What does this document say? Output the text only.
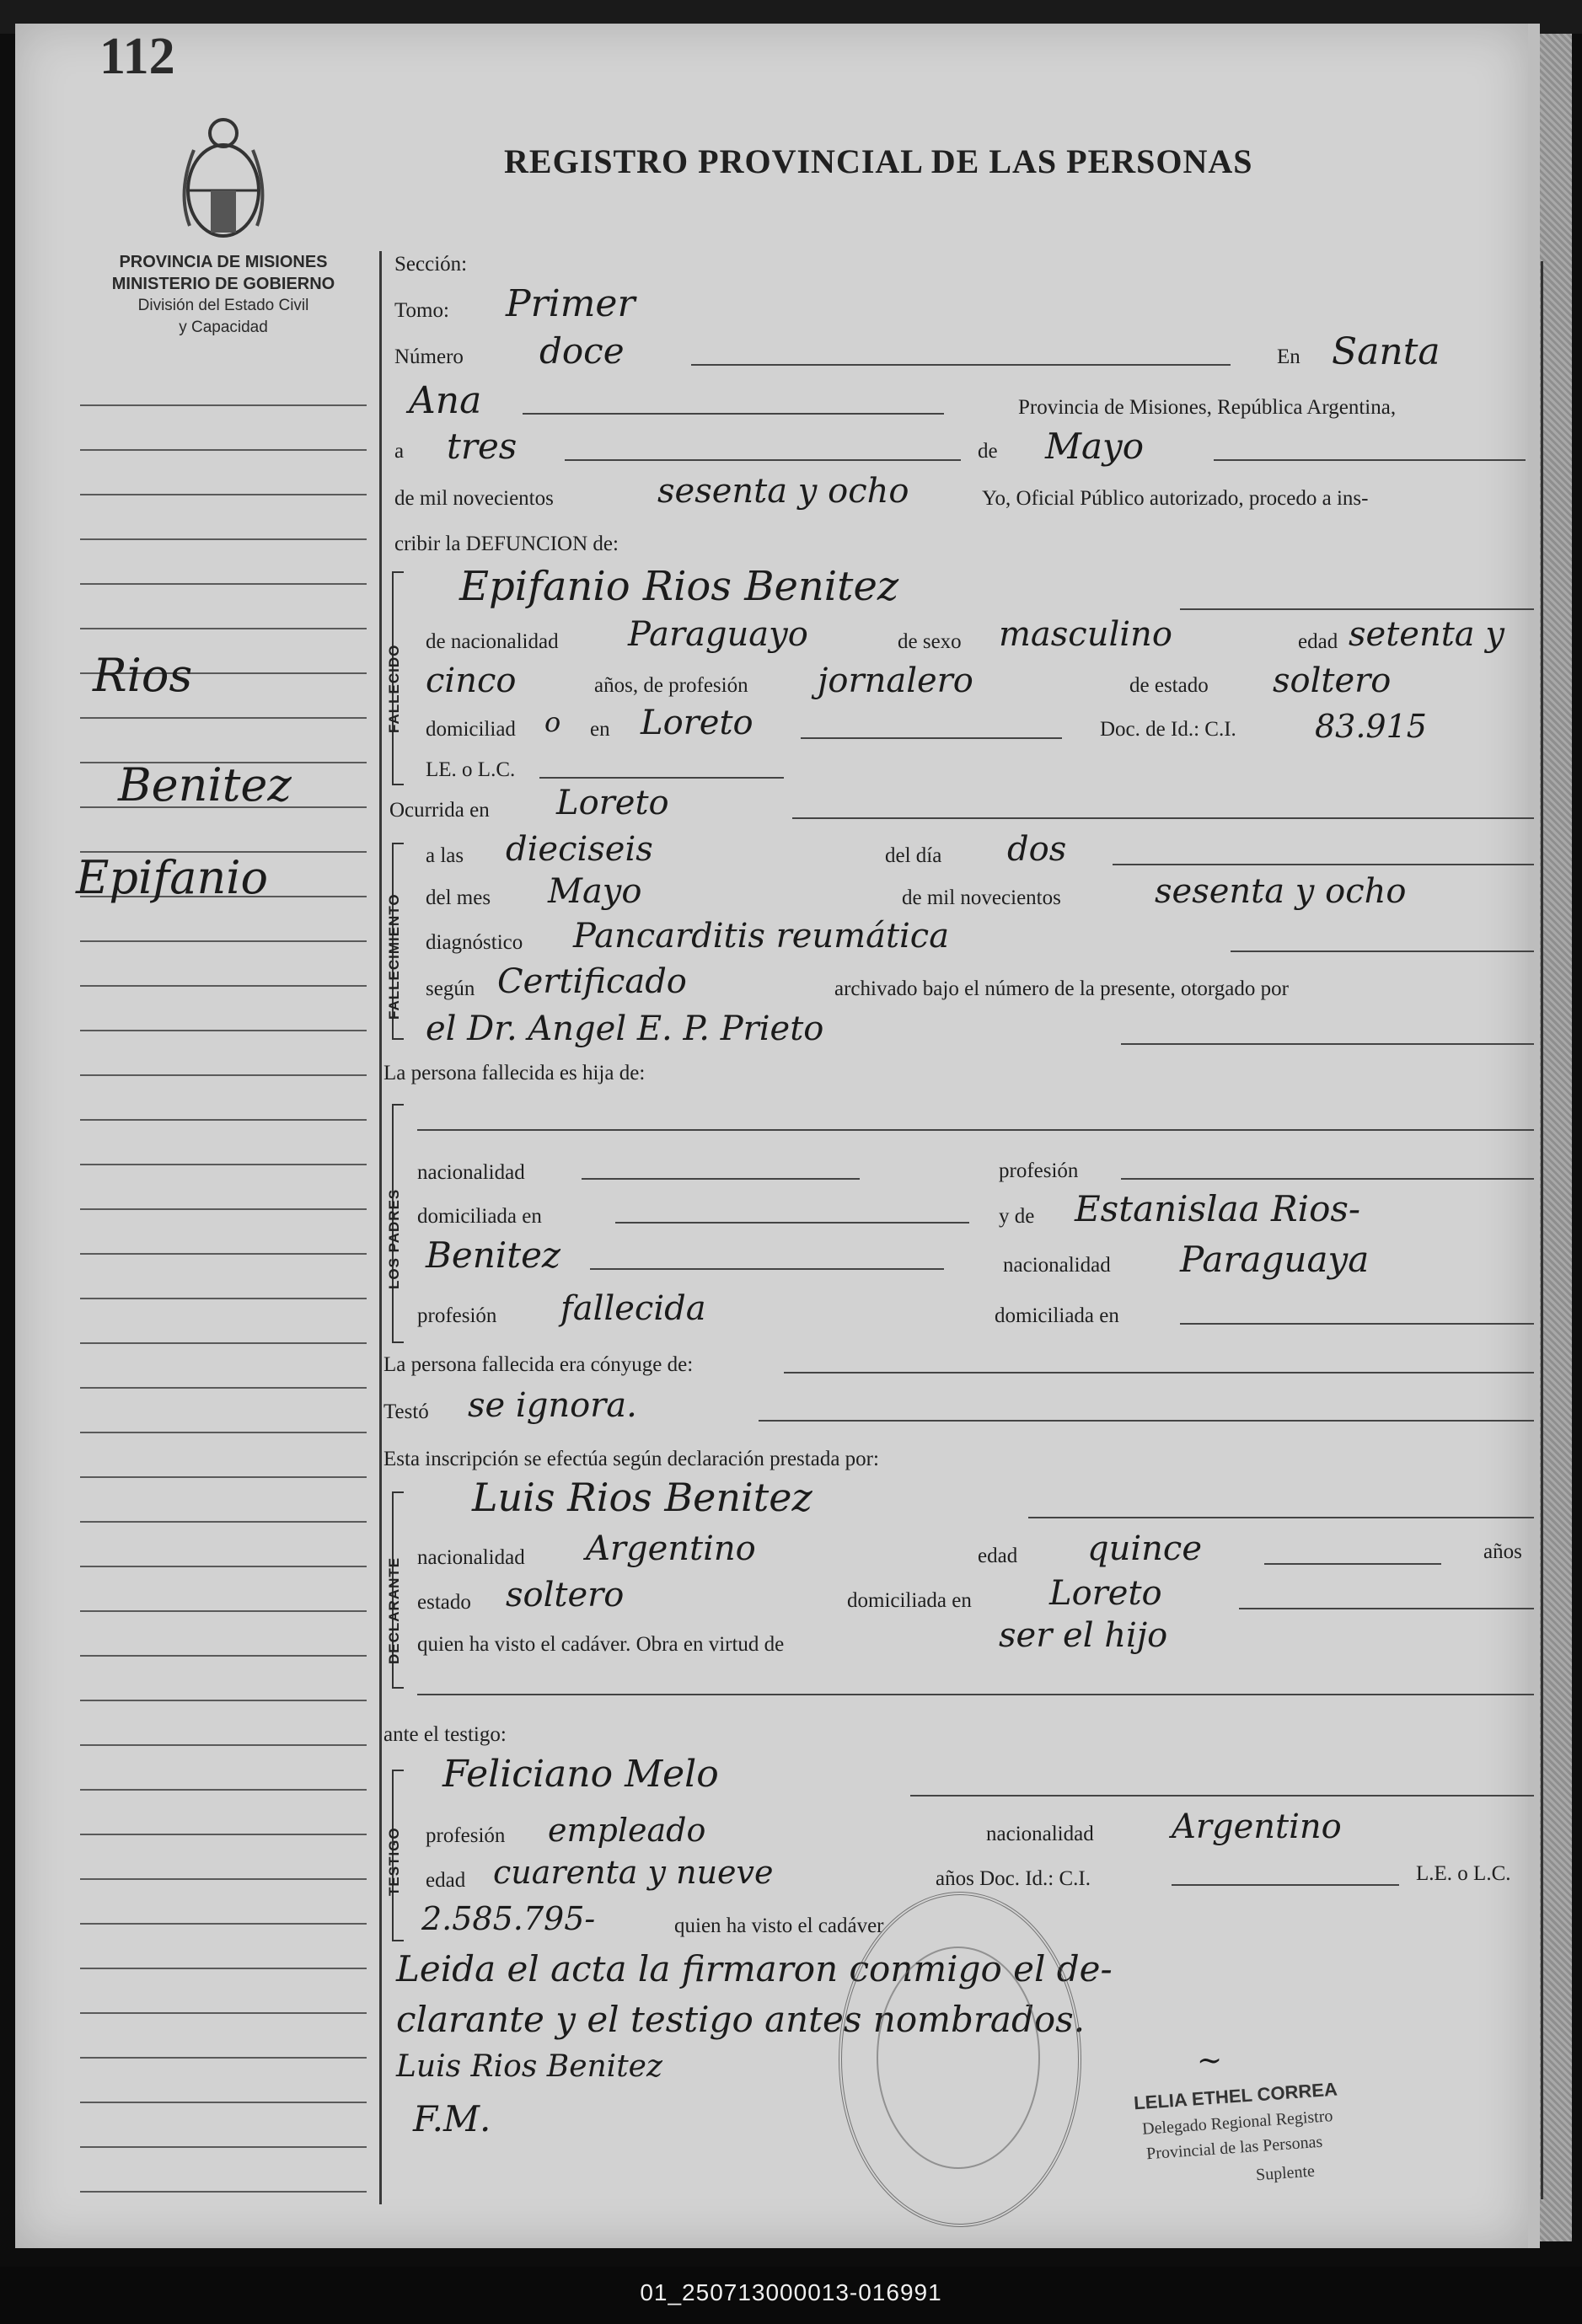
112
REGISTRO PROVINCIAL DE LAS PERSONAS
PROVINCIA DE MISIONES
MINISTERIO DE GOBIERNO
División del Estado Civil
y Capacidad
Rios
Benitez
Epifanio
Sección:
Tomo: Primer
Número doce	En Santa
Ana	Provincia de Misiones, República Argentina,
a tres	de Mayo
de mil novecientos	sesenta y ocho	Yo, Oficial Público autorizado, procedo a ins-
cribir la DEFUNCION de:
FALLECIDO
Epifanio Rios Benitez
de nacionalidad Paraguayo	de sexo masculino	edad setenta y
cinco	años, de profesión jornalero	de estado soltero
domiciliad o en Loreto	Doc. de Id.: C.I. 83.915
LE. o L.C.
Ocurrida en Loreto
FALLECIMIENTO
a las dieciseis	del día dos
del mes Mayo	de mil novecientos	sesenta y ocho
diagnóstico Pancarditis reumática
según Certificado	archivado bajo el número de la presente, otorgado por
el Dr. Angel E. P. Prieto
La persona fallecida es hija de:
LOS PADRES
nacionalidad	profesión
domiciliada en	y de Estanislaa Rios-
Benitez	nacionalidad Paraguaya
profesión fallecida	domiciliada en
La persona fallecida era cónyuge de:
Testó se ignora.
Esta inscripción se efectúa según declaración prestada por:
DECLARANTE
Luis Rios Benitez
nacionalidad Argentino	edad quince	años
estado soltero	domiciliada en Loreto
quien ha visto el cadáver. Obra en virtud de	ser el hijo
ante el testigo:
TESTIGO
Feliciano Melo
profesión empleado	nacionalidad Argentino
edad cuarenta y nueve	años Doc. Id.: C.I.	L.E. o L.C.
2.585.795-	quien ha visto el cadáver
Leida el acta la firmaron conmigo el de-
clarante y el testigo antes nombrados.
Luis Rios Benitez
F.M.
~
LELIA ETHEL CORREA
Delegado Regional Registro
Provincial de las Personas
Suplente
01_250713000013-016991
